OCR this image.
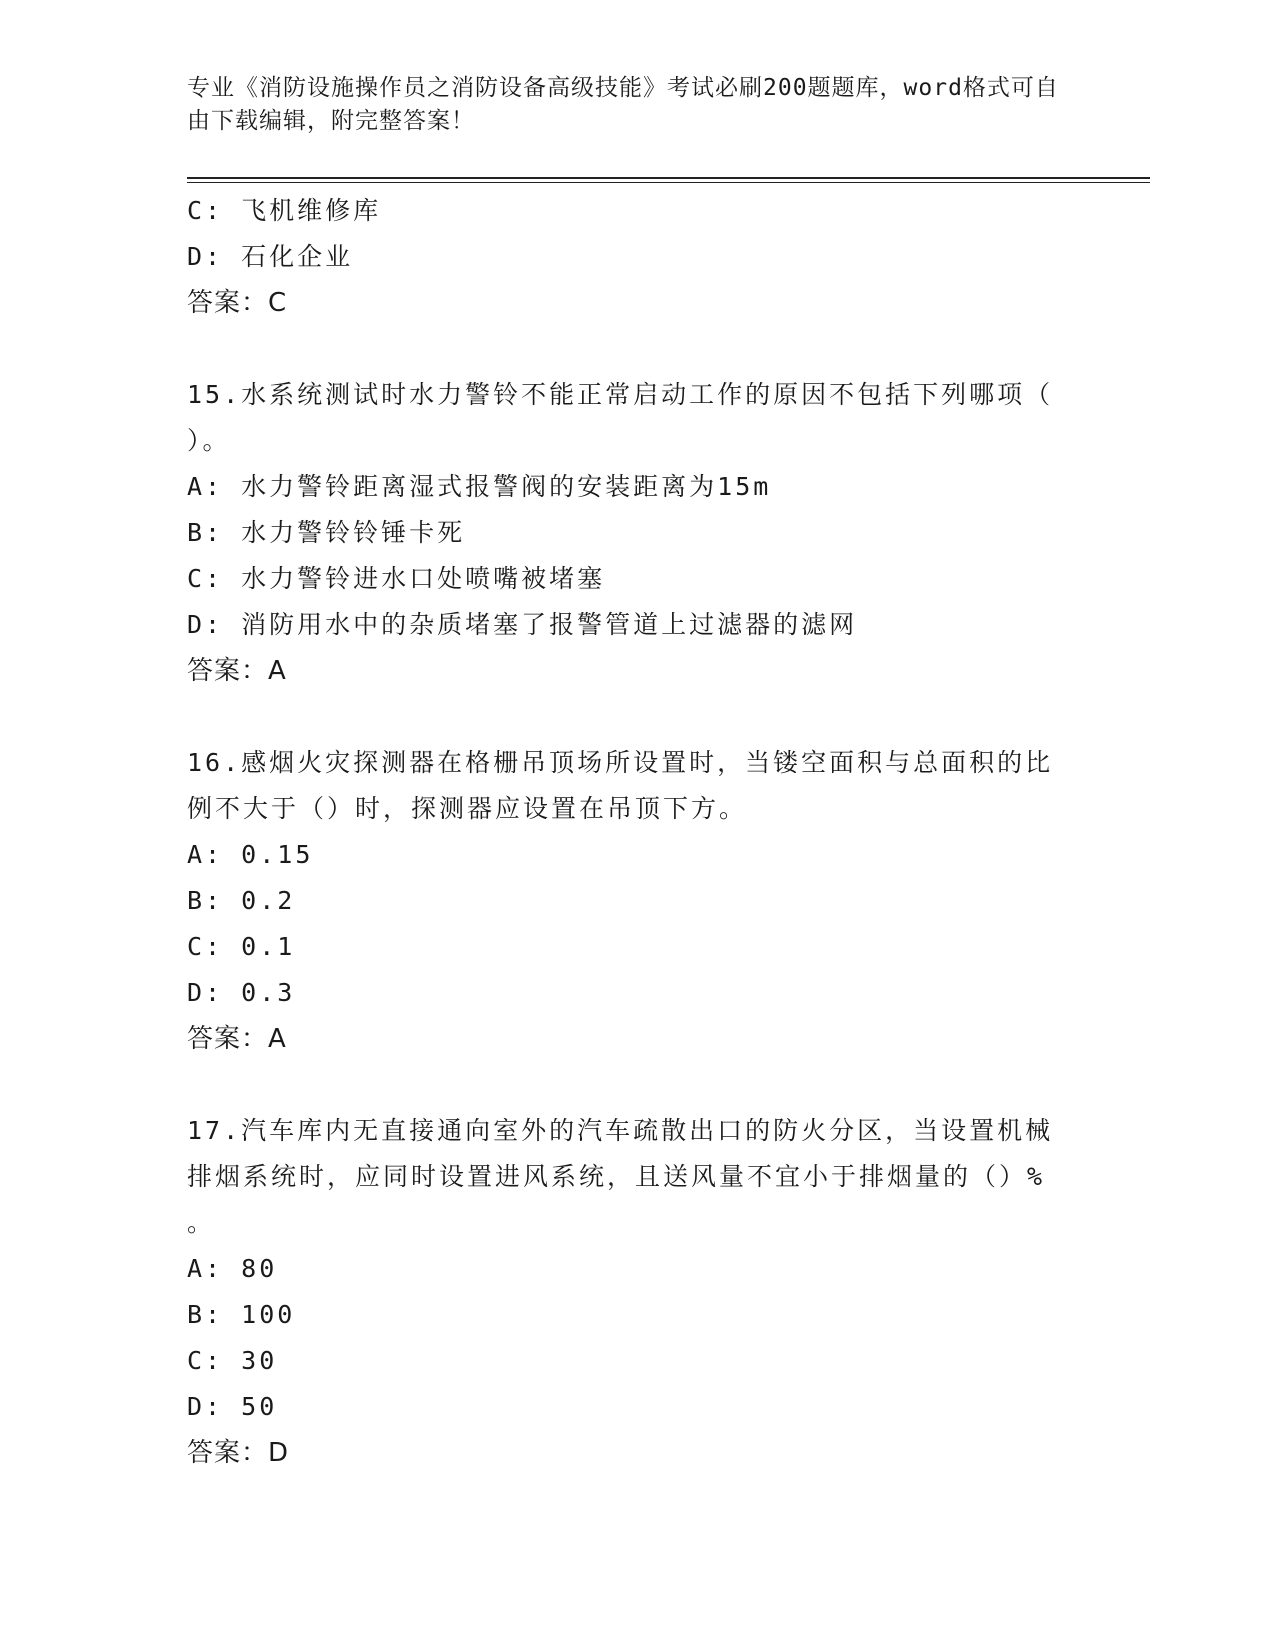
专业《消防设施操作员之消防设备高级技能》考试必刷200题题库，word格式可自由下载编辑，附完整答案！
C: 飞机维修库
D: 石化企业
答案：C
15.水系统测试时水力警铃不能正常启动工作的原因不包括下列哪项（
）。
A: 水力警铃距离湿式报警阀的安装距离为15m
B: 水力警铃铃锤卡死
C: 水力警铃进水口处喷嘴被堵塞
D: 消防用水中的杂质堵塞了报警管道上过滤器的滤网
答案：A
16.感烟火灾探测器在格栅吊顶场所设置时，当镂空面积与总面积的比
例不大于（）时，探测器应设置在吊顶下方。
A: 0.15
B: 0.2
C: 0.1
D: 0.3
答案：A
17.汽车库内无直接通向室外的汽车疏散出口的防火分区，当设置机械
排烟系统时，应同时设置进风系统，且送风量不宜小于排烟量的（）%
。
A: 80
B: 100
C: 30
D: 50
答案：D
